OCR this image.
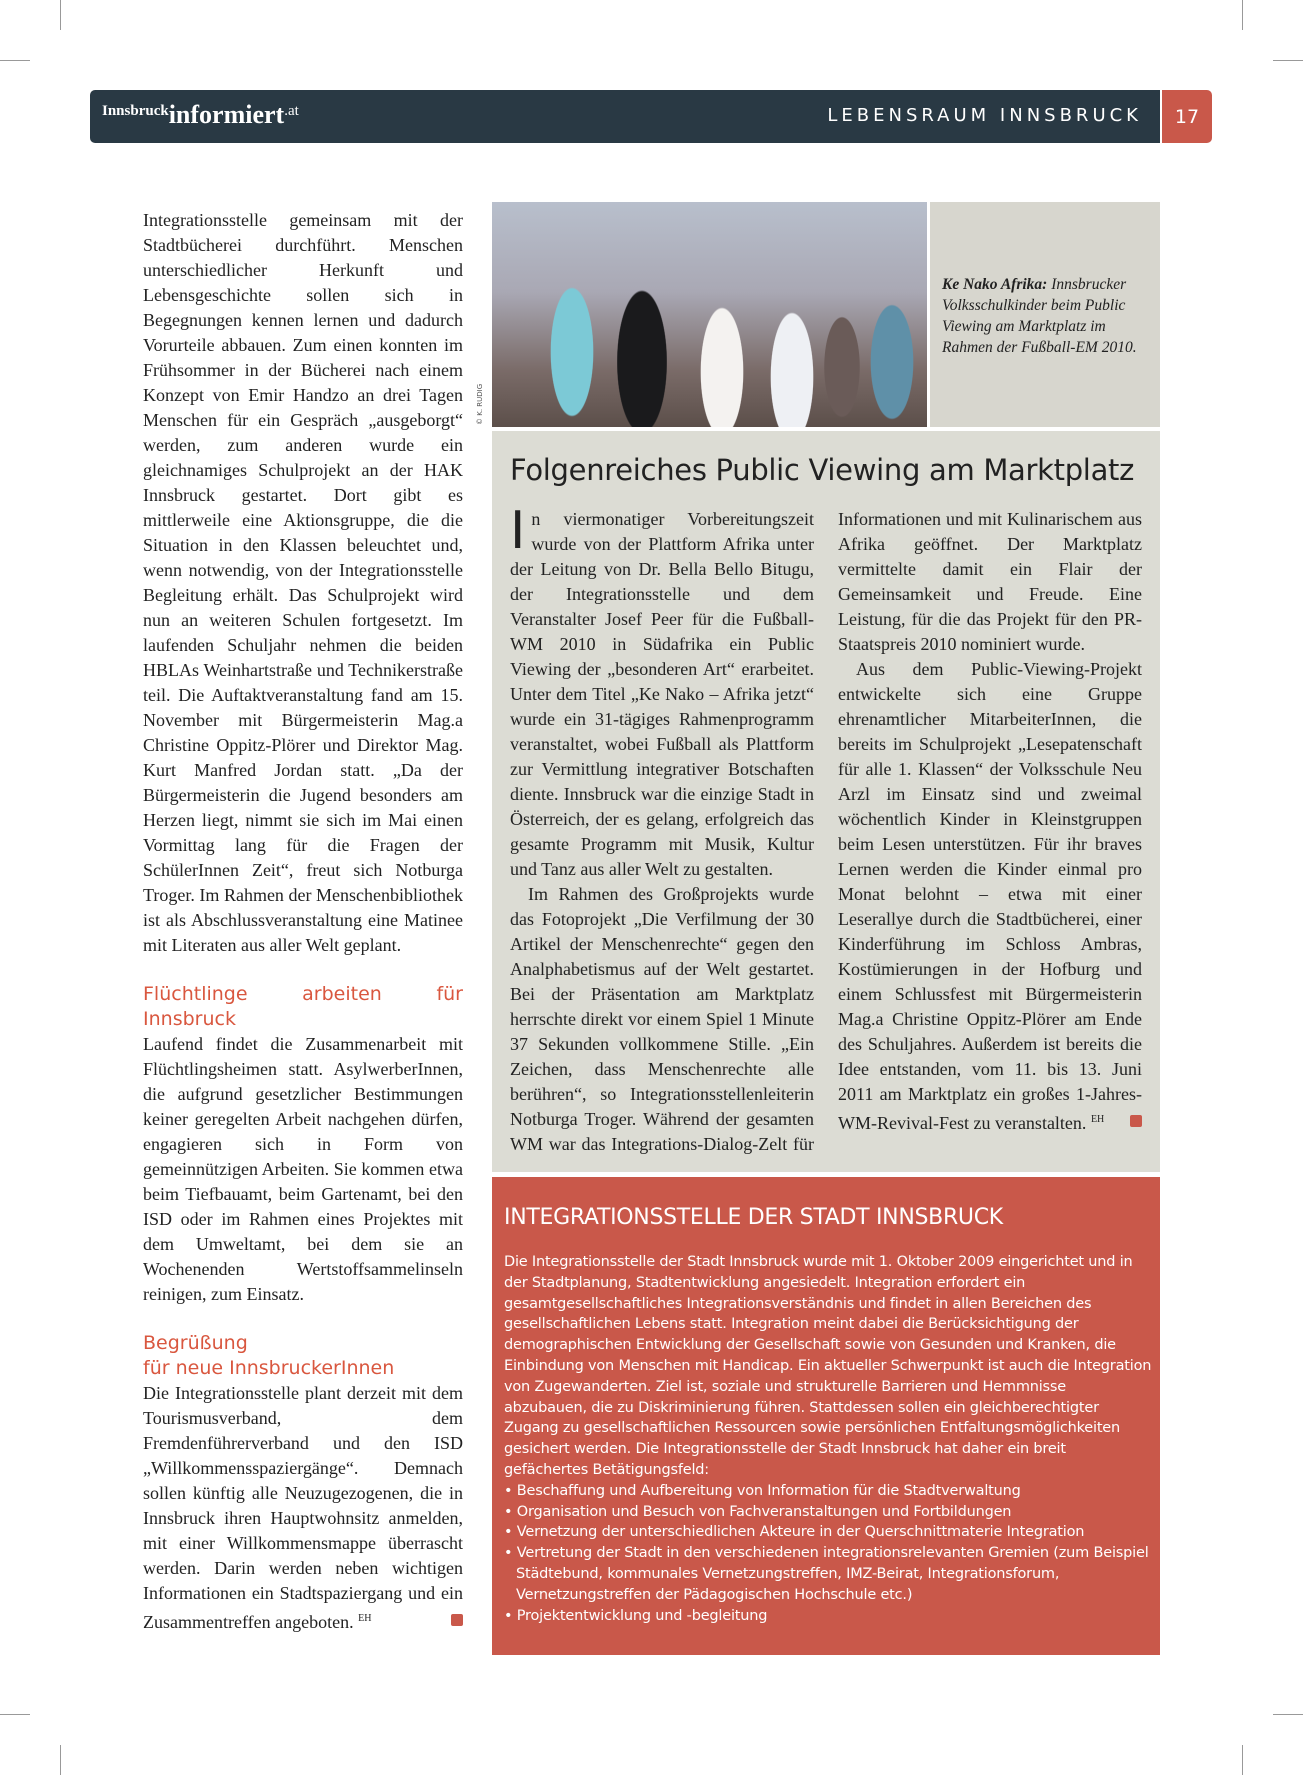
Innsbruckinformiert.at	LEBENSRAUM INNSBRUCK	17

Integrationsstelle gemeinsam mit der Stadtbücherei durchführt. Menschen unterschiedlicher Herkunft und Lebensgeschichte sollen sich in Begegnungen kennen lernen und dadurch Vorurteile abbauen. Zum einen konnten im Frühsommer in der Bücherei nach einem Konzept von Emir Handzo an drei Tagen Menschen für ein Gespräch „ausgeborgt“ werden, zum anderen wurde ein gleichnamiges Schulprojekt an der HAK Innsbruck gestartet. Dort gibt es mittlerweile eine Aktionsgruppe, die die Situation in den Klassen beleuchtet und, wenn notwendig, von der Integrationsstelle Begleitung erhält. Das Schulprojekt wird nun an weiteren Schulen fortgesetzt. Im laufenden Schuljahr nehmen die beiden HBLAs Weinhartstraße und Technikerstraße teil. Die Auftaktveranstaltung fand am 15. November mit Bürgermeisterin Mag.a Christine Oppitz-Plörer und Direktor Mag. Kurt Manfred Jordan statt. „Da der Bürgermeisterin die Jugend besonders am Herzen liegt, nimmt sie sich im Mai einen Vormittag lang für die Fragen der SchülerInnen Zeit“, freut sich Notburga Troger. Im Rahmen der Menschenbibliothek ist als Abschlussveranstaltung eine Matinee mit Literaten aus aller Welt geplant.

Flüchtlinge arbeiten für Innsbruck

Laufend findet die Zusammenarbeit mit Flüchtlingsheimen statt. AsylwerberInnen, die aufgrund gesetzlicher Bestimmungen keiner geregelten Arbeit nachgehen dürfen, engagieren sich in Form von gemeinnützigen Arbeiten. Sie kommen etwa beim Tiefbauamt, beim Gartenamt, bei den ISD oder im Rahmen eines Projektes mit dem Umweltamt, bei dem sie an Wochenenden Wertstoffsammelinseln reinigen, zum Einsatz.

Begrüßung
für neue InnsbruckerInnen

Die Integrationsstelle plant derzeit mit dem Tourismusverband, dem Fremdenführerverband und den ISD „Willkommensspaziergänge“. Demnach sollen künftig alle Neuzugezogenen, die in Innsbruck ihren Hauptwohnsitz anmelden, mit einer Willkommensmappe überrascht werden. Darin werden neben wichtigen Informationen ein Stadtspaziergang und ein Zusammentreffen angeboten. $^{EH}$

© K. RUDIG
Ke Nako Afrika: Innsbrucker Volksschulkinder beim Public Viewing am Marktplatz im Rahmen der Fußball-EM 2010.
Folgenreiches Public Viewing am Marktplatz

In viermonatiger Vorbereitungszeit wurde von der Plattform Afrika unter der Leitung von Dr. Bella Bello Bitugu, der Integrationsstelle und dem Veranstalter Josef Peer für die Fußball-WM 2010 in Südafrika ein Public Viewing der „besonderen Art“ erarbeitet. Unter dem Titel „Ke Nako – Afrika jetzt“ wurde ein 31-tägiges Rahmenprogramm veranstaltet, wobei Fußball als Plattform zur Vermittlung integrativer Botschaften diente. Innsbruck war die einzige Stadt in Österreich, der es gelang, erfolgreich das gesamte Programm mit Musik, Kultur und Tanz aus aller Welt zu gestalten.

Im Rahmen des Großprojekts wurde das Fotoprojekt „Die Verfilmung der 30 Artikel der Menschenrechte“ gegen den Analphabetismus auf der Welt gestartet. Bei der Präsentation am Marktplatz herrschte direkt vor einem Spiel 1 Minute 37 Sekunden vollkommene Stille. „Ein Zeichen, dass Menschenrechte alle berühren“, so Integrationsstellenleiterin Notburga Troger. Während der gesamten WM war das Integrations-Dialog-Zelt für Informationen und mit Kulinarischem aus Afrika geöffnet. Der Marktplatz vermittelte damit ein Flair der Gemeinsamkeit und Freude. Eine Leistung, für die das Projekt für den PR-Staatspreis 2010 nominiert wurde.

Aus dem Public-Viewing-Projekt entwickelte sich eine Gruppe ehrenamtlicher MitarbeiterInnen, die bereits im Schulprojekt „Lesepatenschaft für alle 1. Klassen“ der Volksschule Neu Arzl im Einsatz sind und zweimal wöchentlich Kinder in Kleinstgruppen beim Lesen unterstützen. Für ihr braves Lernen werden die Kinder einmal pro Monat belohnt – etwa mit einer Leserallye durch die Stadtbücherei, einer Kinderführung im Schloss Ambras, Kostümierungen in der Hofburg und einem Schlussfest mit Bürgermeisterin Mag.a Christine Oppitz-Plörer am Ende des Schuljahres. Außerdem ist bereits die Idee entstanden, vom 11. bis 13. Juni 2011 am Marktplatz ein großes 1-Jahres-WM-Revival-Fest zu veranstalten. $^{EH}$

INTEGRATIONSSTELLE DER STADT INNSBRUCK

Die Integrationsstelle der Stadt Innsbruck wurde mit 1. Oktober 2009 eingerichtet und in der Stadtplanung, Stadtentwicklung angesiedelt. Integration erfordert ein gesamtgesellschaftliches Integrationsverständnis und findet in allen Bereichen des gesellschaftlichen Lebens statt. Integration meint dabei die Berücksichtigung der demographischen Entwicklung der Gesellschaft sowie von Gesunden und Kranken, die Einbindung von Menschen mit Handicap. Ein aktueller Schwerpunkt ist auch die Integration von Zugewanderten. Ziel ist, soziale und strukturelle Barrieren und Hemmnisse abzubauen, die zu Diskriminierung führen. Stattdessen sollen ein gleichberechtigter Zugang zu gesellschaftlichen Ressourcen sowie persönlichen Entfaltungsmöglichkeiten gesichert werden. Die Integrationsstelle der Stadt Innsbruck hat daher ein breit gefächertes Betätigungsfeld:

• Beschaffung und Aufbereitung von Information für die Stadtverwaltung
• Organisation und Besuch von Fachveranstaltungen und Fortbildungen
• Vernetzung der unterschiedlichen Akteure in der Querschnittmaterie Integration
• Vertretung der Stadt in den verschiedenen integrationsrelevanten Gremien (zum Beispiel Städtebund, kommunales Vernetzungstreffen, IMZ-Beirat, Integrationsforum, Vernetzungstreffen der Pädagogischen Hochschule etc.)
• Projektentwicklung und -begleitung
